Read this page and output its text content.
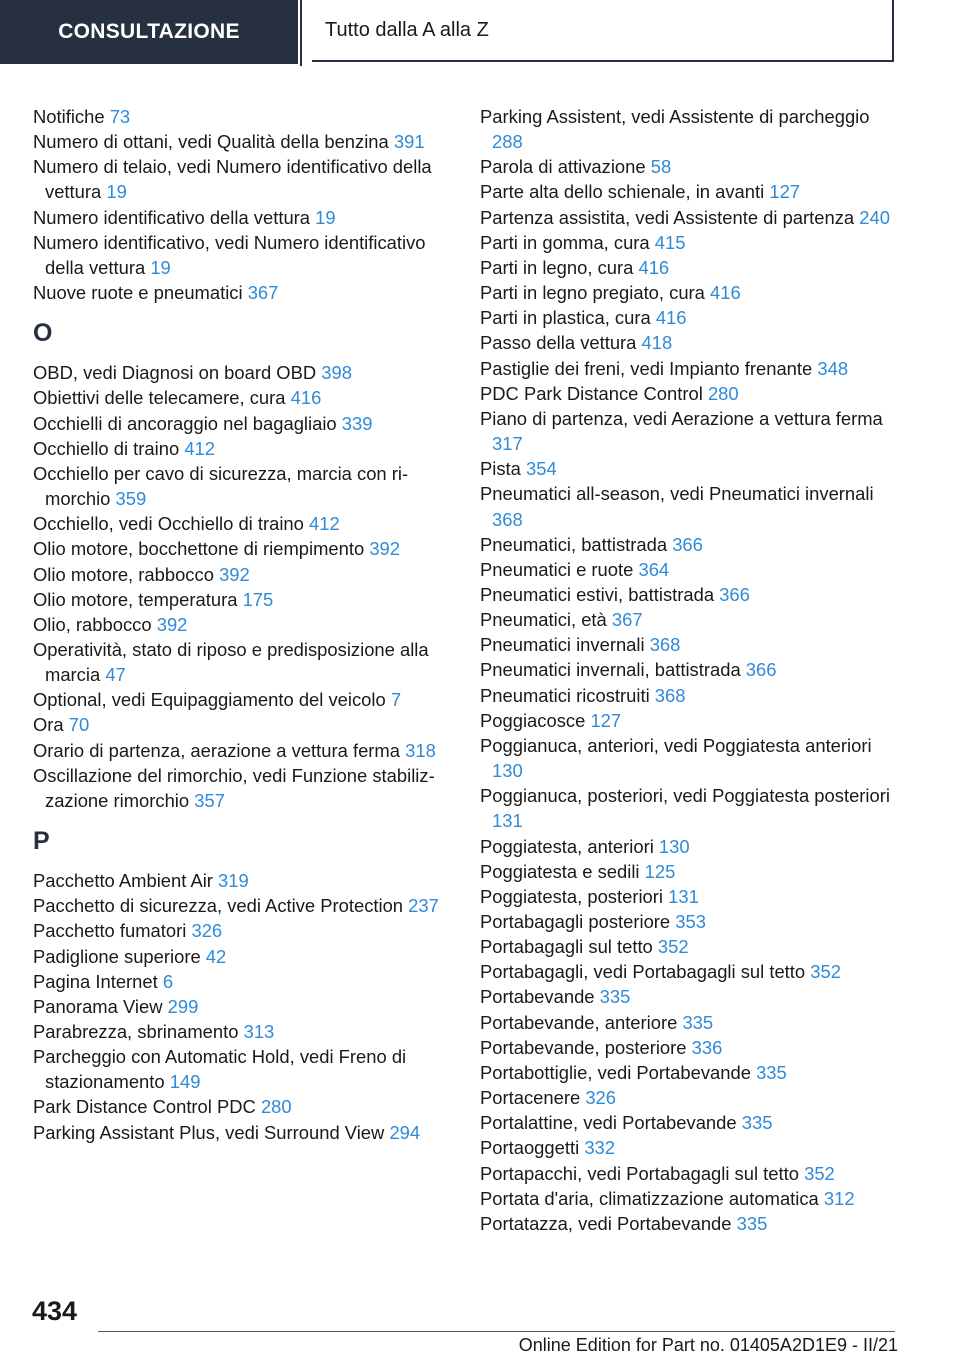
CONSULTAZIONE	Tutto dalla A alla Z

Notifiche 73

Numero di ottani, vedi Qualità della benzina 391

Numero di telaio, vedi Numero identificativo della vettura 19

Numero identificativo della vettura 19

Numero identificativo, vedi Numero identificativo della vettura 19

Nuove ruote e pneumatici 367

O

OBD, vedi Diagnosi on board OBD 398

Obiettivi delle telecamere, cura 416

Occhielli di ancoraggio nel bagagliaio 339

Occhiello di traino 412

Occhiello per cavo di sicurezza, marcia con rimorchio 359

Occhiello, vedi Occhiello di traino 412

Olio motore, bocchettone di riempimento 392

Olio motore, rabbocco 392

Olio motore, temperatura 175

Olio, rabbocco 392

Operatività, stato di riposo e predisposizione alla marcia 47

Optional, vedi Equipaggiamento del veicolo 7

Ora 70

Orario di partenza, aerazione a vettura ferma 318

Oscillazione del rimorchio, vedi Funzione stabilizzazione rimorchio 357

P

Pacchetto Ambient Air 319

Pacchetto di sicurezza, vedi Active Protection 237

Pacchetto fumatori 326

Padiglione superiore 42

Pagina Internet 6

Panorama View 299

Parabrezza, sbrinamento 313

Parcheggio con Automatic Hold, vedi Freno di stazionamento 149

Park Distance Control PDC 280

Parking Assistant Plus, vedi Surround View 294

Parking Assistent, vedi Assistente di parcheggio 288

Parola di attivazione 58

Parte alta dello schienale, in avanti 127

Partenza assistita, vedi Assistente di partenza 240

Parti in gomma, cura 415

Parti in legno, cura 416

Parti in legno pregiato, cura 416

Parti in plastica, cura 416

Passo della vettura 418

Pastiglie dei freni, vedi Impianto frenante 348

PDC Park Distance Control 280

Piano di partenza, vedi Aerazione a vettura ferma 317

Pista 354

Pneumatici all-season, vedi Pneumatici invernali 368

Pneumatici, battistrada 366

Pneumatici e ruote 364

Pneumatici estivi, battistrada 366

Pneumatici, età 367

Pneumatici invernali 368

Pneumatici invernali, battistrada 366

Pneumatici ricostruiti 368

Poggiacosce 127

Poggianuca, anteriori, vedi Poggiatesta anteriori 130

Poggianuca, posteriori, vedi Poggiatesta posteriori 131

Poggiatesta, anteriori 130

Poggiatesta e sedili 125

Poggiatesta, posteriori 131

Portabagagli posteriore 353

Portabagagli sul tetto 352

Portabagagli, vedi Portabagagli sul tetto 352

Portabevande 335

Portabevande, anteriore 335

Portabevande, posteriore 336

Portabottiglie, vedi Portabevande 335

Portacenere 326

Portalattine, vedi Portabevande 335

Portaoggetti 332

Portapacchi, vedi Portabagagli sul tetto 352

Portata d'aria, climatizzazione automatica 312

Portatazza, vedi Portabevande 335

434
Online Edition for Part no. 01405A2D1E9 - II/21
